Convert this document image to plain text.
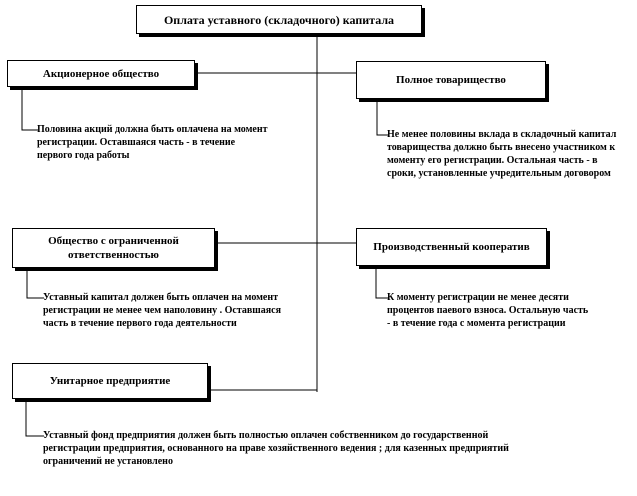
Оплата уставного (складочного) капитала
Акционерное общество
Половина акций должна быть оплачена на момент регистрации. Оставшаяся часть - в течение первого года работы
Полное товарищество
Не менее половины вклада в складочный капитал товарищества должно быть внесено участником к моменту его регистрации. Остальная часть - в сроки, установленные учредительным договором
Общество с ограниченной ответственностью
Уставный капитал должен быть оплачен на момент регистрации не менее чем наполовину . Оставшаяся часть в течение первого года деятельности
Производственный кооператив
К моменту регистрации не менее десяти процентов паевого взноса. Остальную часть - в течение года с момента регистрации
Унитарное предприятие
Уставный фонд предприятия должен быть полностью оплачен собственником до государственной регистрации предприятия, основанного на праве хозяйственного ведения ; для казенных предприятий ограничений не установлено
